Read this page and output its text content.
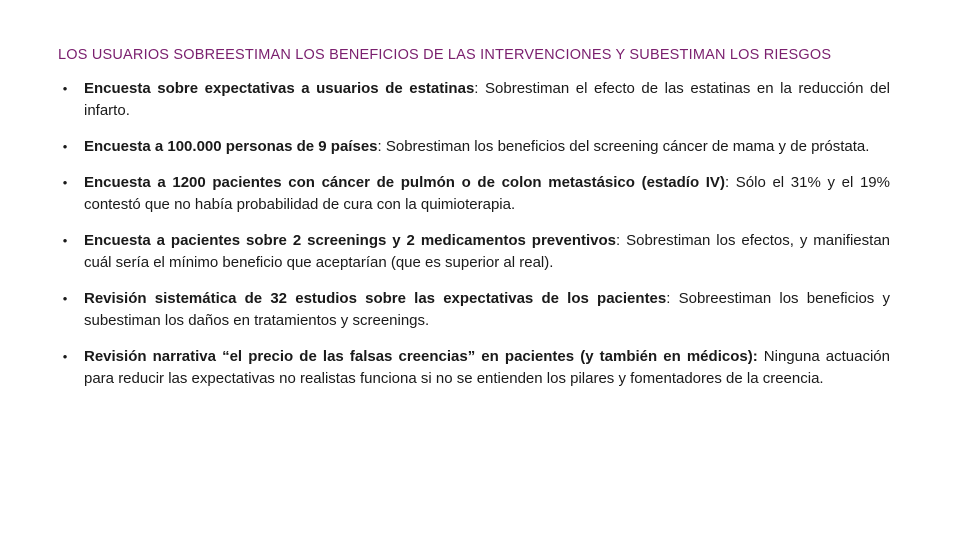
LOS USUARIOS SOBREESTIMAN LOS BENEFICIOS DE LAS INTERVENCIONES Y SUBESTIMAN LOS RIESGOS
•	Encuesta sobre expectativas a usuarios de estatinas: Sobrestiman el efecto de las estatinas en la reducción del infarto.
•	Encuesta a 100.000 personas de 9 países: Sobrestiman los beneficios del screening cáncer de mama y de próstata.
•	Encuesta a 1200 pacientes con cáncer de pulmón o de colon metastásico (estadío IV): Sólo el 31% y el 19% contestó que no había probabilidad de cura con la quimioterapia.
•	Encuesta a pacientes sobre 2 screenings y 2 medicamentos preventivos: Sobrestiman los efectos, y manifiestan cuál sería el mínimo beneficio que aceptarían (que es superior al real).
•	Revisión sistemática de 32 estudios sobre las expectativas de los pacientes: Sobreestiman los beneficios y subestiman los daños en tratamientos y screenings.
•	Revisión narrativa “el precio de las falsas creencias” en pacientes (y también en médicos): Ninguna actuación para reducir las expectativas no realistas funciona si no se entienden los pilares y fomentadores de la creencia.
